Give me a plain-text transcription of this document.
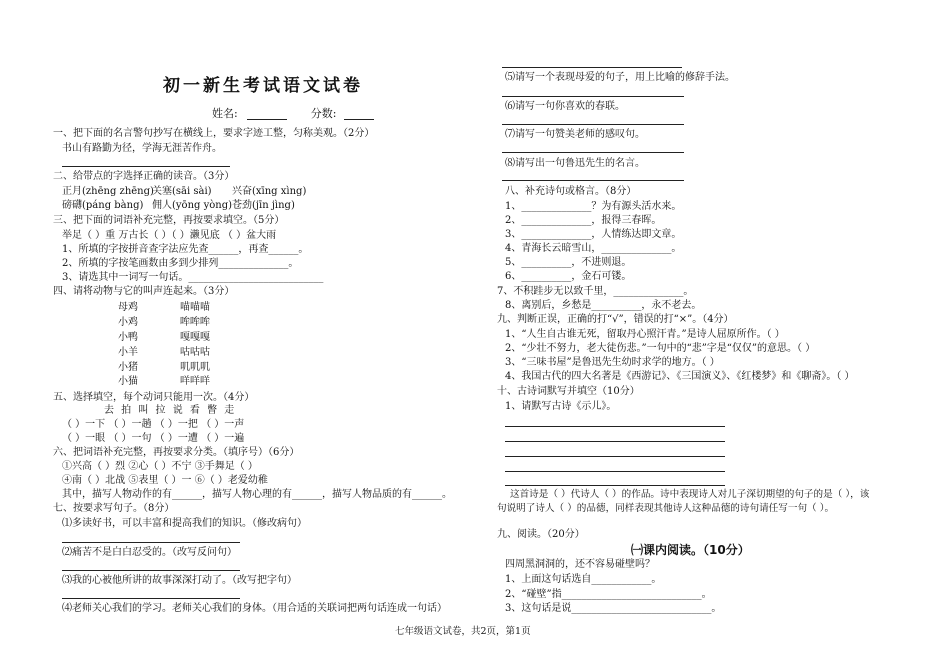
初一新生考试语文试卷
姓名:	分数:
一、把下面的名言警句抄写在横线上，要求字迹工整，匀称美观。（2分）
书山有路勤为径，学海无涯苦作舟。
二、给带点的字选择正确的读音。（3分）
正月(zhēng zhēng)
关塞(sāi sài) 兴奋(xīng xìng)
磅礴(páng bàng) 佣人(yōng yòng) 苍劲(jīn jìng)
三、把下面的词语补充完整，再按要求填空。（5分）
举足（ ）重 万古长（ ）（ ）濑见底 （ ）盆大雨
1、所填的字按拼音查字法应先查______，再查______。
2、所填的字按笔画数由多到少排列______________。
3、请选其中一词写一句话。___________________________
四、请将动物与它的叫声连起来。（3分）
母鸡
小鸡
小鸭
小羊
小猪
小猫
喵喵喵
哞哞哞
嘎嘎嘎
咕咕咕
叽叽叽
咩咩咩
五、选择填空，每个动词只能用一次。（4分）
去 拍 叫 拉 说 看 瞥 走
（ ）一下 （ ）一趟 （ ）一把 （ ）一声
（ ）一眼 （ ）一句 （ ）一遭 （ ）一遍
六、把词语补充完整，再按要求分类。（填序号）（6分）
①兴高（ ）烈 ②心（ ）不宁 ③手舞足（ ）
④南（ ）北战 ⑤表里（ ）一 ⑥（ ）老爱幼稚
其中，描写人物动作的有______，描写人物心理的有______，描写人物品质的有______。
七、按要求写句子。（8分）
⑴多读好书，可以丰富和提高我们的知识。（修改病句）
⑵痛苦不是白白忍受的。（改写反问句）
⑶我的心被他所讲的故事深深打动了。（改写把字句）
⑷老师关心我们的学习。老师关心我们的身体。（用合适的关联词把两句话连成一句话）
⑸请写一个表现母爱的句子，用上比喻的修辞手法。
⑹请写一句你喜欢的春联。
⑺请写一句赞美老师的感叹句。
⑻请写出一句鲁迅先生的名言。
八、补充诗句或格言。（8分）
1、______________？为有源头活水来。
2、______________，报得三春晖。
3、______________，人情练达即文章。
4、青海长云暗雪山，______________。
5、__________，不进则退。
6、__________，金石可镂。
7、不积跬步无以致千里，______________。
8、离别后，乡愁是__________，永不老去。
九、判断正误，正确的打“√”，错误的打“×”。（4分）
1、“人生自古谁无死，留取丹心照汗青。”是诗人屈原所作。（ ）
2、“少壮不努力，老大徒伤悲。”一句中的“悲”字是“仅仅”的意思。（ ）
3、“三味书屋”是鲁迅先生幼时求学的地方。（ ）
4、我国古代的四大名著是《西游记》、《三国演义》、《红楼梦》和《聊斋》。（ ）
十、古诗词默写并填空（10分）
1、请默写古诗《示儿》。
这首诗是（ ）代诗人（ ）的作品。诗中表现诗人对儿子深切期望的句子的是（ ），该
句说明了诗人（ ）的品德，同样表现其他诗人这种品德的诗句请任写一句（ ）。
九、阅读。（20分）
㈠课内阅读。（10分）
四周黑洞洞的，还不容易碰壁吗？
1、上面这句话选自____________。
2、“碰壁”指____________________________。
3、这句话是说____________________________。
七年级语文试卷，共2页，第1页
